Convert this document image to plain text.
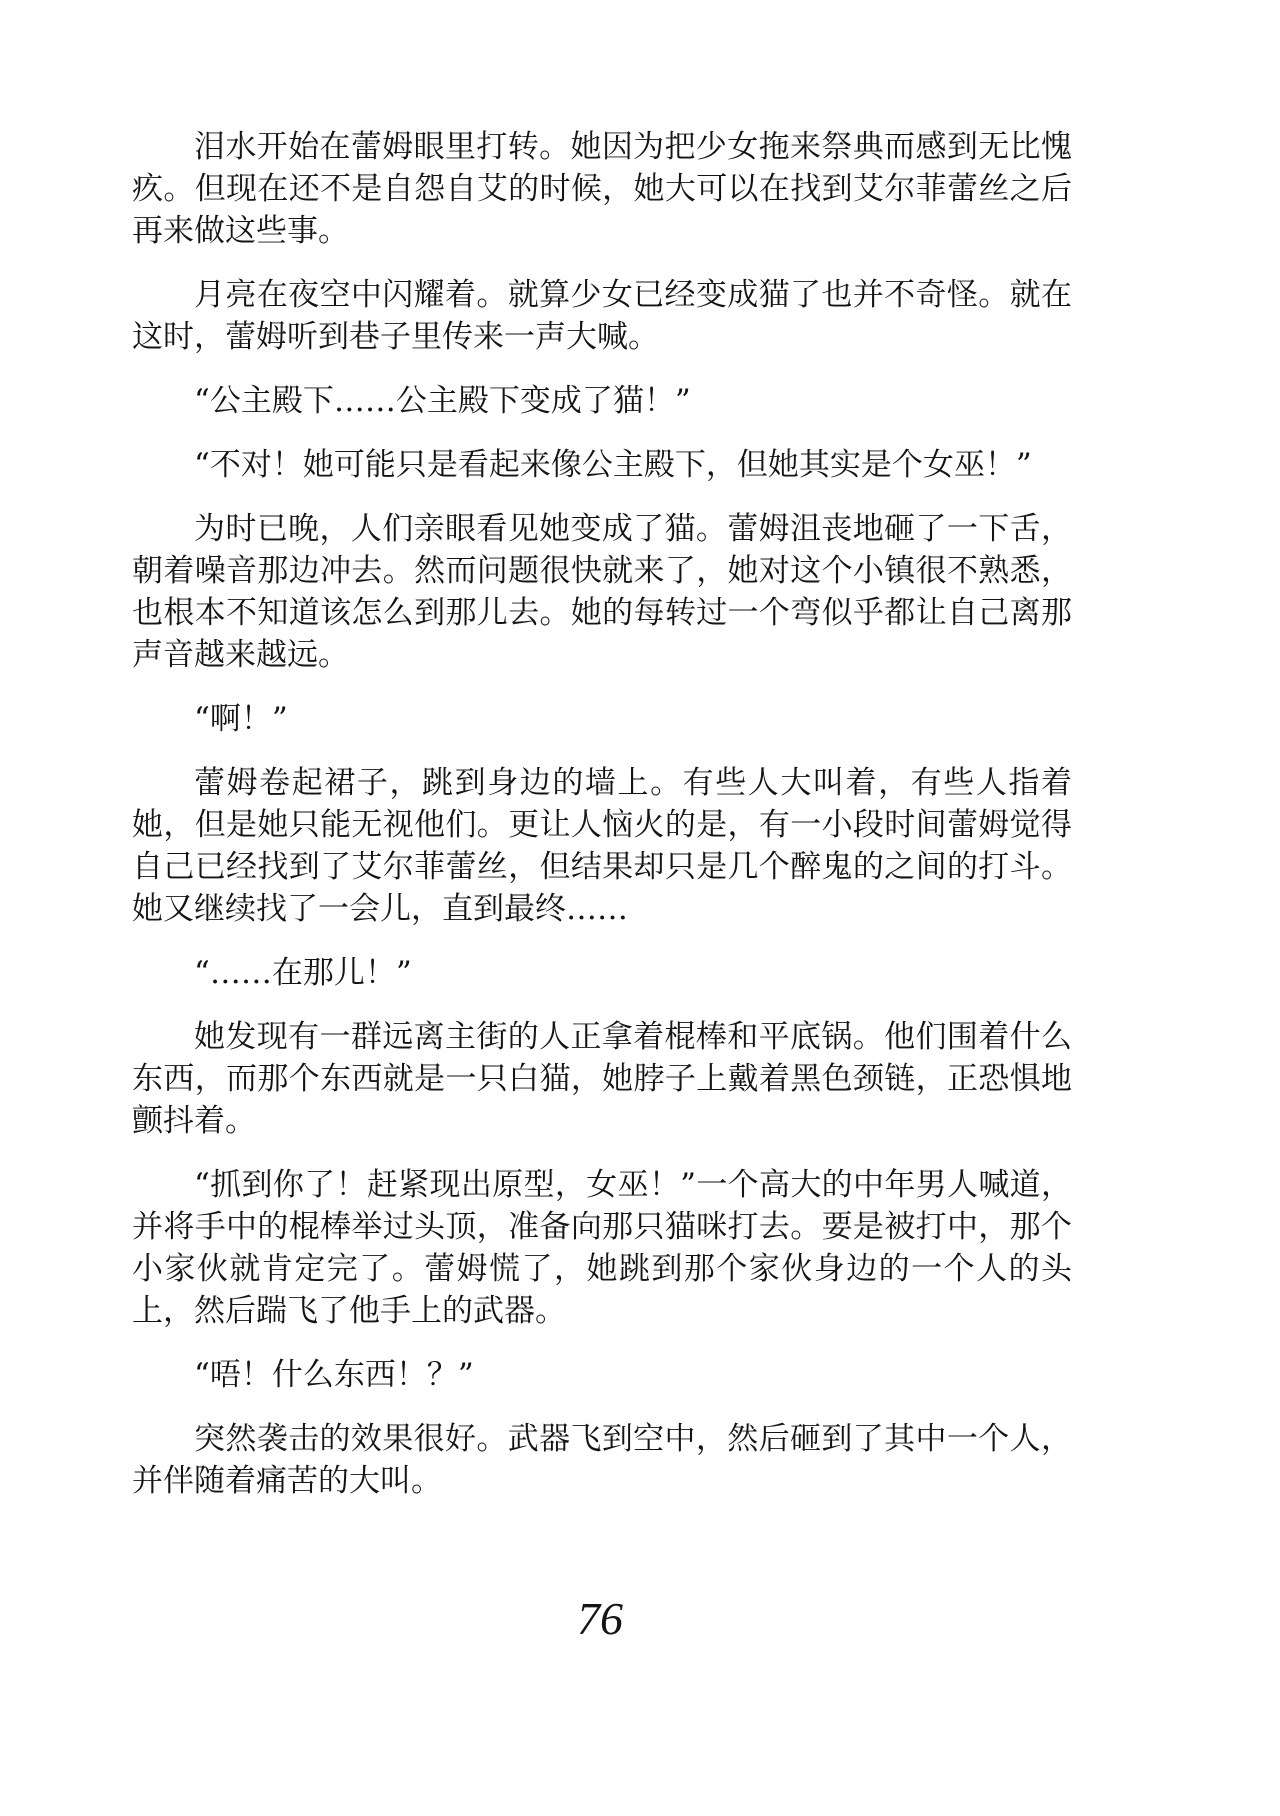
泪水开始在蕾姆眼里打转。她因为把少女拖来祭典而感到无比愧疚。但现在还不是自怨自艾的时候，她大可以在找到艾尔菲蕾丝之后再来做这些事。

月亮在夜空中闪耀着。就算少女已经变成猫了也并不奇怪。就在这时，蕾姆听到巷子里传来一声大喊。

“公主殿下……公主殿下变成了猫！”

“不对！她可能只是看起来像公主殿下，但她其实是个女巫！”

为时已晚，人们亲眼看见她变成了猫。蕾姆沮丧地砸了一下舌，朝着噪音那边冲去。然而问题很快就来了，她对这个小镇很不熟悉，也根本不知道该怎么到那儿去。她的每转过一个弯似乎都让自己离那声音越来越远。

“啊！”

蕾姆卷起裙子，跳到身边的墙上。有些人大叫着，有些人指着她，但是她只能无视他们。更让人恼火的是，有一小段时间蕾姆觉得自己已经找到了艾尔菲蕾丝，但结果却只是几个醉鬼的之间的打斗。她又继续找了一会儿，直到最终……

“……在那儿！”

她发现有一群远离主街的人正拿着棍棒和平底锅。他们围着什么东西，而那个东西就是一只白猫，她脖子上戴着黑色颈链，正恐惧地颤抖着。

“抓到你了！赶紧现出原型，女巫！”一个高大的中年男人喊道，并将手中的棍棒举过头顶，准备向那只猫咪打去。要是被打中，那个小家伙就肯定完了。蕾姆慌了，她跳到那个家伙身边的一个人的头上，然后踹飞了他手上的武器。

“唔！什么东西！？”

突然袭击的效果很好。武器飞到空中，然后砸到了其中一个人，并伴随着痛苦的大叫。

76
